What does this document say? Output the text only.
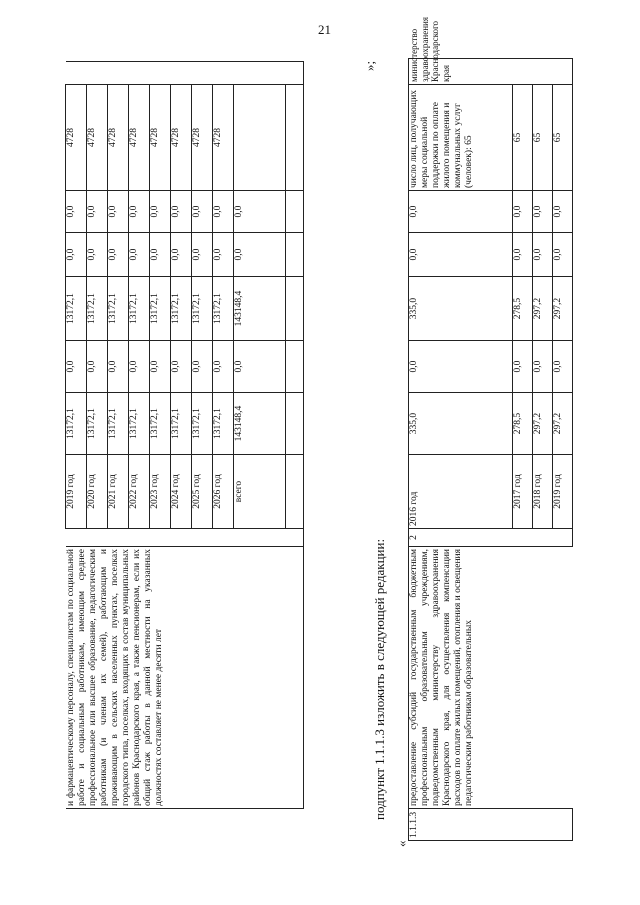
21
	и фармацевтическому персоналу, специалистам по социальной работе и социальным работникам, имеющим среднее профессиональное или высшее образование, педагогическим работникам (и членам их семей), работающим и проживающим в сельских населенных пунктах, поселках городского типа, поселках, входящих в состав муниципальных районов Краснодарского края, а также пенсионерам, если их общий стаж работы в данной местности на указанных должностях составляет не менее десяти лет		2019 год	13172,1	0,0	13172,1	0,0	0,0	4728	
		2020 год	13172,1	0,0	13172,1	0,0	0,0	4728	
		2021 год	13172,1	0,0	13172,1	0,0	0,0	4728	
		2022 год	13172,1	0,0	13172,1	0,0	0,0	4728	
		2023 год	13172,1	0,0	13172,1	0,0	0,0	4728	
		2024 год	13172,1	0,0	13172,1	0,0	0,0	4728	
		2025 год	13172,1	0,0	13172,1	0,0	0,0	4728	
		2026 год	13172,1	0,0	13172,1	0,0	0,0	4728	
		всего	143148,4	0,0	143148,4	0,0	0,0		

»;
подпункт 1.1.1.3 изложить в следующей редакции:
«
1.1.1.3	предоставление субсидий государственным бюджетным профессиональным образовательным учреждениям, подведомственным министерству здравоохранения Краснодарского края, для осуществления компенсации расходов по оплате жилых помещений, отопления и освещения педагогическим работникам образовательных	2	2016 год	335,0	0,0	335,0	0,0	0,0	число лиц, получающих меры социальной поддержки по оплате жилого помещения и коммунальных услуг (человек): 65	министерство здравоохранения Краснодарского края
			2017 год	278,5	0,0	278,5	0,0	0,0	65	
			2018 год	297,2	0,0	297,2	0,0	0,0	65	
			2019 год	297,2	0,0	297,2	0,0	0,0	65	
